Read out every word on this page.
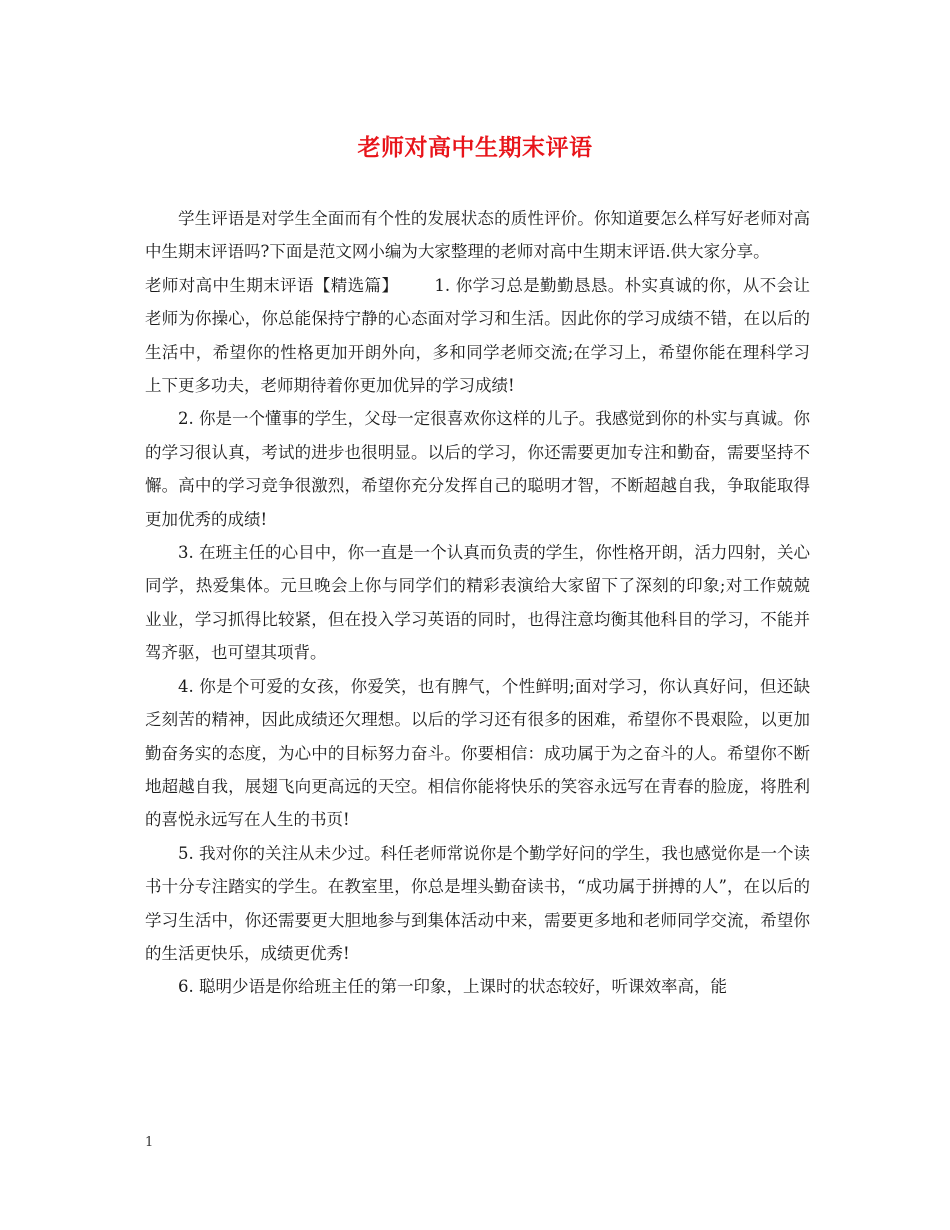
老师对高中生期末评语

学生评语是对学生全面而有个性的发展状态的质性评价。你知道要怎么样写好老师对高中生期末评语吗?下面是范文网小编为大家整理的老师对高中生期末评语.供大家分享。

老师对高中生期末评语【精选篇】 1. 你学习总是勤勤恳恳。朴实真诚的你，从不会让老师为你操心，你总能保持宁静的心态面对学习和生活。因此你的学习成绩不错，在以后的生活中，希望你的性格更加开朗外向，多和同学老师交流;在学习上，希望你能在理科学习上下更多功夫，老师期待着你更加优异的学习成绩!

2. 你是一个懂事的学生，父母一定很喜欢你这样的儿子。我感觉到你的朴实与真诚。你的学习很认真，考试的进步也很明显。以后的学习，你还需要更加专注和勤奋，需要坚持不懈。高中的学习竞争很激烈，希望你充分发挥自己的聪明才智，不断超越自我，争取能取得更加优秀的成绩!

3. 在班主任的心目中，你一直是一个认真而负责的学生，你性格开朗，活力四射，关心同学，热爱集体。元旦晚会上你与同学们的精彩表演给大家留下了深刻的印象;对工作兢兢业业，学习抓得比较紧，但在投入学习英语的同时，也得注意均衡其他科目的学习，不能并驾齐驱，也可望其项背。

4. 你是个可爱的女孩，你爱笑，也有脾气，个性鲜明;面对学习，你认真好问，但还缺乏刻苦的精神，因此成绩还欠理想。以后的学习还有很多的困难，希望你不畏艰险，以更加勤奋务实的态度，为心中的目标努力奋斗。你要相信：成功属于为之奋斗的人。希望你不断地超越自我，展翅飞向更高远的天空。相信你能将快乐的笑容永远写在青春的脸庞，将胜利的喜悦永远写在人生的书页!

5. 我对你的关注从未少过。科任老师常说你是个勤学好问的学生，我也感觉你是一个读书十分专注踏实的学生。在教室里，你总是埋头勤奋读书，“成功属于拼搏的人”，在以后的学习生活中，你还需要更大胆地参与到集体活动中来，需要更多地和老师同学交流，希望你的生活更快乐，成绩更优秀!

6. 聪明少语是你给班主任的第一印象，上课时的状态较好，听课效率高，能

1
